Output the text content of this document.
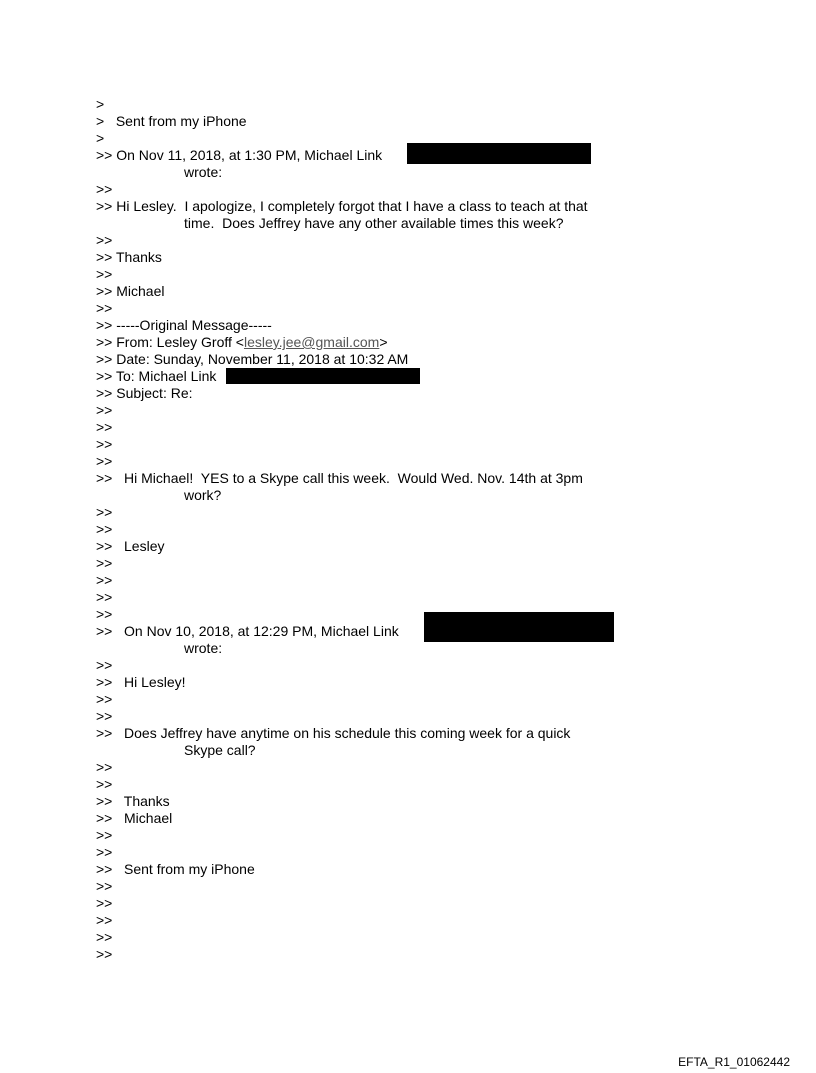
>
>   Sent from my iPhone
>
>> On Nov 11, 2018, at 1:30 PM, Michael Link
wrote:
>>
>> Hi Lesley.  I apologize, I completely forgot that I have a class to teach at that
time.  Does Jeffrey have any other available times this week?
>>
>> Thanks
>>
>> Michael
>>
>> -----Original Message-----
>> From: Lesley Groff <lesley.jee@gmail.com>
>> Date: Sunday, November 11, 2018 at 10:32 AM
>> To: Michael Link
>> Subject: Re:
>>
>>
>>
>>
>>   Hi Michael!  YES to a Skype call this week.  Would Wed. Nov. 14th at 3pm
work?
>>
>>
>>   Lesley
>>
>>
>>
>>
>>   On Nov 10, 2018, at 12:29 PM, Michael Link
wrote:
>>
>>   Hi Lesley!
>>
>>
>>   Does Jeffrey have anytime on his schedule this coming week for a quick
Skype call?
>>
>>
>>   Thanks
>>   Michael
>>
>>
>>   Sent from my iPhone
>>
>>
>>
>>
>>
EFTA_R1_01062442
